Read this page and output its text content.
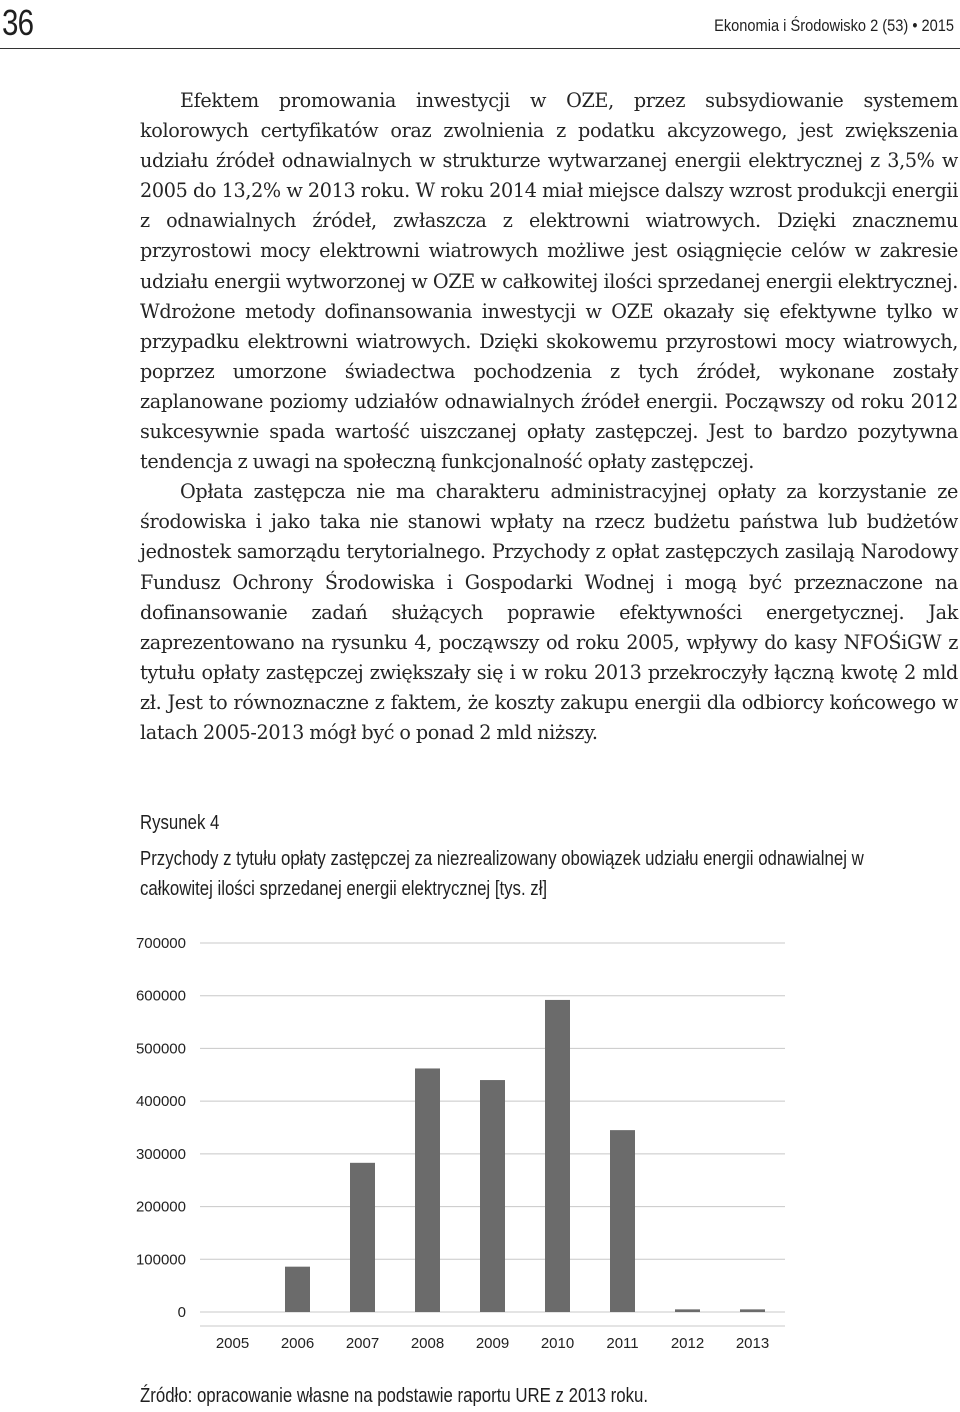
36	Ekonomia i Środowisko 2 (53) • 2015

Efektem promowania inwestycji w OZE, przez subsydiowanie systemem kolorowych certyfikatów oraz zwolnienia z podatku akcyzowego, jest zwiększenia udziału źródeł odnawialnych w strukturze wytwarzanej energii elektrycznej z 3,5% w 2005 do 13,2% w 2013 roku. W roku 2014 miał miejsce dalszy wzrost produkcji energii z odnawialnych źródeł, zwłaszcza z elektrowni wiatrowych. Dzięki znacznemu przyrostowi mocy elektrowni wiatrowych możliwe jest osiągnięcie celów w zakresie udziału energii wytworzonej w OZE w całkowitej ilości sprzedanej energii elektrycznej. Wdrożone metody dofinansowania inwestycji w OZE okazały się efektywne tylko w przypadku elektrowni wiatrowych. Dzięki skokowemu przyrostowi mocy wiatrowych, poprzez umorzone świadectwa pochodzenia z tych źródeł, wykonane zostały zaplanowane poziomy udziałów odnawialnych źródeł energii. Począwszy od roku 2012 sukcesywnie spada wartość uiszczanej opłaty zastępczej. Jest to bardzo pozytywna tendencja z uwagi na społeczną funkcjonalność opłaty zastępczej.

Opłata zastępcza nie ma charakteru administracyjnej opłaty za korzystanie ze środowiska i jako taka nie stanowi wpłaty na rzecz budżetu państwa lub budżetów jednostek samorządu terytorialnego. Przychody z opłat zastępczych zasilają Narodowy Fundusz Ochrony Środowiska i Gospodarki Wodnej i mogą być przeznaczone na dofinansowanie zadań służących poprawie efektywności energetycznej. Jak zaprezentowano na rysunku 4, począwszy od roku 2005, wpływy do kasy NFOŚiGW z tytułu opłaty zastępczej zwiększały się i w roku 2013 przekroczyły łączną kwotę 2 mld zł. Jest to równoznaczne z faktem, że koszty zakupu energii dla odbiorcy końcowego w latach 2005-2013 mógł być o ponad 2 mld niższy.

Rysunek 4
Przychody z tytułu opłaty zastępczej za niezrealizowany obowiązek udziału energii odnawialnej w całkowitej ilości sprzedanej energii elektrycznej [tys. zł]
0
100000
200000
300000
400000
500000
600000
700000
2005 2006 2007 2008 2009 2010 2011 2012 2013
Źródło: opracowanie własne na podstawie raportu URE z 2013 roku.
